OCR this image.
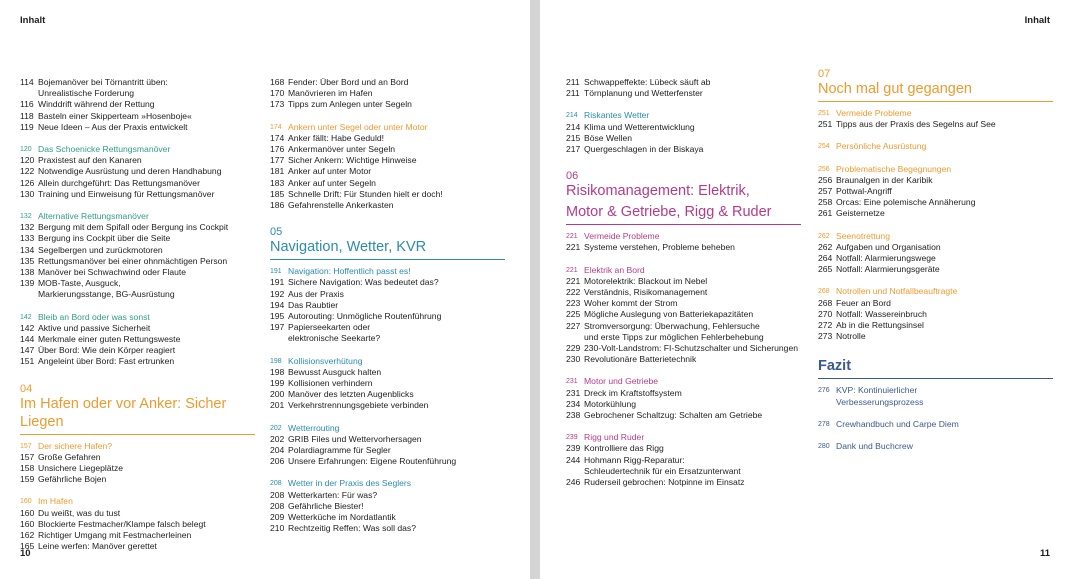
Inhalt
114 Bojemanöver bei Törnantritt üben:
Unrealistische Forderung
116 Winddrift während der Rettung
118 Basteln einer Skipperteam »Hosenboje«
119 Neue Ideen – Aus der Praxis entwickelt
120 Das Schoenicke Rettungsmanöver
120 Praxistest auf den Kanaren
122 Notwendige Ausrüstung und deren Handhabung
126 Allein durchgeführt: Das Rettungsmanöver
130 Training und Einweisung für Rettungsmanöver
132 Alternative Rettungsmanöver
132 Bergung mit dem Spifall oder Bergung ins Cockpit
133 Bergung ins Cockpit über die Seite
134 Segelbergen und zurückmotoren
135 Rettungsmanöver bei einer ohnmächtigen Person
138 Manöver bei Schwachwind oder Flaute
139 MOB-Taste, Ausguck,
Markierungsstange, BG-Ausrüstung
142 Bleib an Bord oder was sonst
142 Aktive und passive Sicherheit
144 Merkmale einer guten Rettungsweste
147 Über Bord: Wie dein Körper reagiert
151 Angeleint über Bord: Fast ertrunken
04
Im Hafen oder vor Anker: Sicher Liegen
157 Der sichere Hafen?
157 Große Gefahren
158 Unsichere Liegeplätze
159 Gefährliche Bojen
160 Im Hafen
160 Du weißt, was du tust
160 Blockierte Festmacher/Klampe falsch belegt
162 Richtiger Umgang mit Festmacherleinen
165 Leine werfen: Manöver gerettet
168 Fender: Über Bord und an Bord
170 Manövrieren im Hafen
173 Tipps zum Anlegen unter Segeln
174 Ankern unter Segel oder unter Motor
174 Anker fällt: Habe Geduld!
176 Ankermanöver unter Segeln
177 Sicher Ankern: Wichtige Hinweise
181 Anker auf unter Motor
183 Anker auf unter Segeln
185 Schnelle Drift: Für Stunden hielt er doch!
186 Gefahrenstelle Ankerkasten
05
Navigation, Wetter, KVR
191 Navigation: Hoffentlich passt es!
191 Sichere Navigation: Was bedeutet das?
192 Aus der Praxis
194 Das Raubtier
195 Autorouting: Unmögliche Routenführung
197 Papierseekarten oder
elektronische Seekarte?
198 Kollisionsverhütung
198 Bewusst Ausguck halten
199 Kollisionen verhindern
200 Manöver des letzten Augenblicks
201 Verkehrstrennungsgebiete verbinden
202 Wetterrouting
202 GRIB Files und Wettervorhersagen
204 Polardiagramme für Segler
206 Unsere Erfahrungen: Eigene Routenführung
208 Wetter in der Praxis des Seglers
208 Wetterkarten: Für was?
208 Gefährliche Biester!
209 Wetterküche im Nordatlantik
210 Rechtzeitig Reffen: Was soll das?
10
Inhalt
211 Schwappeffekte: Lübeck säuft ab
211 Törnplanung und Wetterfenster
214 Riskantes Wetter
214 Klima und Wetterentwicklung
215 Böse Wellen
217 Quergeschlagen in der Biskaya
06
Risikomanagement: Elektrik,
Motor & Getriebe, Rigg & Ruder
221 Vermeide Probleme
221 Systeme verstehen, Probleme beheben
221 Elektrik an Bord
221 Motorelektrik: Blackout im Nebel
222 Verständnis, Risikomanagement
223 Woher kommt der Strom
225 Mögliche Auslegung von Batteriekapazitäten
227 Stromversorgung: Überwachung, Fehlersuche
und erste Tipps zur möglichen Fehlerbehebung
229 230-Volt-Landstrom: FI-Schutzschalter und Sicherungen
230 Revolutionäre Batterietechnik
231 Motor und Getriebe
231 Dreck im Kraftstoffsystem
234 Motorkühlung
238 Gebrochener Schaltzug: Schalten am Getriebe
239 Rigg und Ruder
239 Kontrolliere das Rigg
244 Hohmann Rigg-Reparatur:
Schleudertechnik für ein Ersatzunterwant
246 Ruderseil gebrochen: Notpinne im Einsatz
07
Noch mal gut gegangen
251 Vermeide Probleme
251 Tipps aus der Praxis des Segelns auf See
254 Persönliche Ausrüstung
256 Problematische Begegnungen
256 Braunalgen in der Karibik
257 Pottwal-Angriff
258 Orcas: Eine polemische Annäherung
261 Geisternetze
262 Seenotrettung
262 Aufgaben und Organisation
264 Notfall: Alarmierungswege
265 Notfall: Alarmierungsgeräte
268 Notrollen und Notfallbeauftragte
268 Feuer an Bord
270 Notfall: Wassereinbruch
272 Ab in die Rettungsinsel
273 Notrolle
Fazit
276 KVP: Kontinuierlicher
Verbesserungsprozess
278 Crewhandbuch und Carpe Diem
280 Dank und Buchcrew
11
